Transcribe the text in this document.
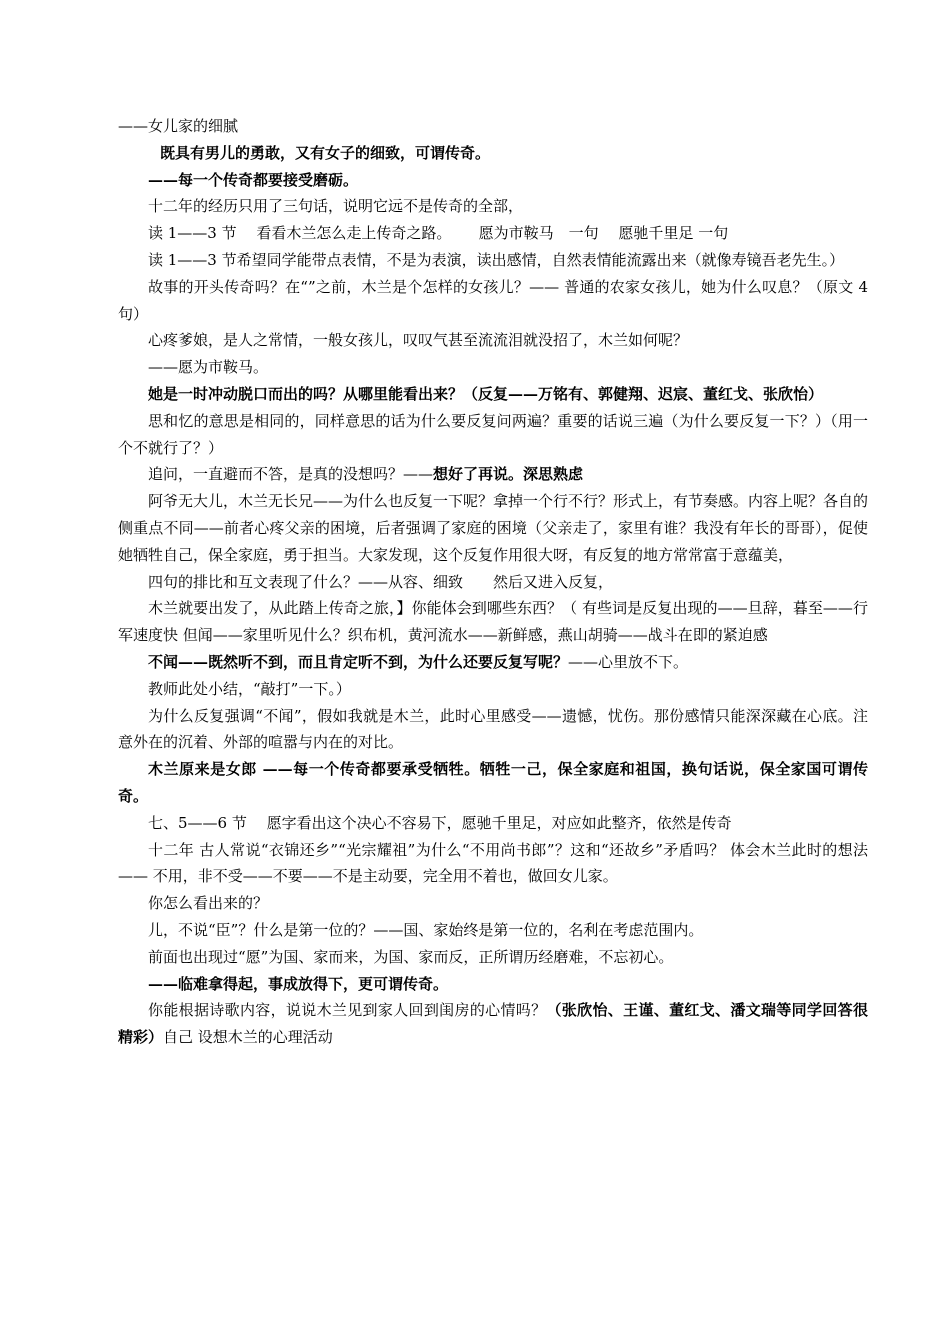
——女儿家的细腻

既具有男儿的勇敢，又有女子的细致，可谓传奇。

——每一个传奇都要接受磨砺。

十二年的经历只用了三句话，说明它远不是传奇的全部，

读 1——3 节　 看看木兰怎么走上传奇之路。　　 愿为市鞍马　一句　 愿驰千里足 一句

读 1——3 节希望同学能带点表情，不是为表演，读出感情，自然表情能流露出来（就像寿镜吾老先生。）

故事的开头传奇吗？在“”之前，木兰是个怎样的女孩儿？—— 普通的农家女孩儿，她为什么叹息？（原文 4 句）

心疼爹娘，是人之常情，一般女孩儿，叹叹气甚至流流泪就没招了，木兰如何呢？

——愿为市鞍马。

她是一时冲动脱口而出的吗？从哪里能看出来？（反复——万铭有、郭健翔、迟宸、董红戈、张欣怡）

思和忆的意思是相同的，同样意思的话为什么要反复问两遍？重要的话说三遍（为什么要反复一下？）（用一个不就行了？）

追问，一直避而不答，是真的没想吗？——想好了再说。深思熟虑

阿爷无大儿，木兰无长兄——为什么也反复一下呢？拿掉一个行不行？形式上，有节奏感。内容上呢？各自的侧重点不同——前者心疼父亲的困境，后者强调了家庭的困境（父亲走了，家里有谁？我没有年长的哥哥），促使她牺牲自己，保全家庭，勇于担当。大家发现，这个反复作用很大呀，有反复的地方常常富于意蕴美，

四句的排比和互文表现了什么？——从容、细致　　然后又进入反复，

木兰就要出发了，从此踏上传奇之旅，】你能体会到哪些东西？（ 有些词是反复出现的——旦辞，暮至——行军速度快 但闻——家里听见什么？织布机，黄河流水——新鲜感，燕山胡骑——战斗在即的紧迫感

不闻——既然听不到，而且肯定听不到，为什么还要反复写呢？——心里放不下。

教师此处小结，“敲打”一下。）

为什么反复强调“不闻”，假如我就是木兰，此时心里感受——遗憾，忧伤。那份感情只能深深藏在心底。注意外在的沉着、外部的喧嚣与内在的对比。

木兰原来是女郎 ——每一个传奇都要承受牺牲。牺牲一己，保全家庭和祖国，换句话说，保全家国可谓传奇。

七、5——6 节　 愿字看出这个决心不容易下，愿驰千里足，对应如此整齐，依然是传奇

十二年 古人常说“衣锦还乡”“光宗耀祖”为什么“不用尚书郎”？这和“还故乡”矛盾吗？ 体会木兰此时的想法—— 不用，非不受——不要——不是主动要，完全用不着也，做回女儿家。

你怎么看出来的？

儿，不说“臣”？什么是第一位的？——国、家始终是第一位的，名利在考虑范围内。

前面也出现过“愿”为国、家而来，为国、家而反，正所谓历经磨难，不忘初心。

——临难拿得起，事成放得下，更可谓传奇。

你能根据诗歌内容，说说木兰见到家人回到闺房的心情吗？（张欣怡、王谨、董红戈、潘文瑞等同学回答很精彩）自己 设想木兰的心理活动
